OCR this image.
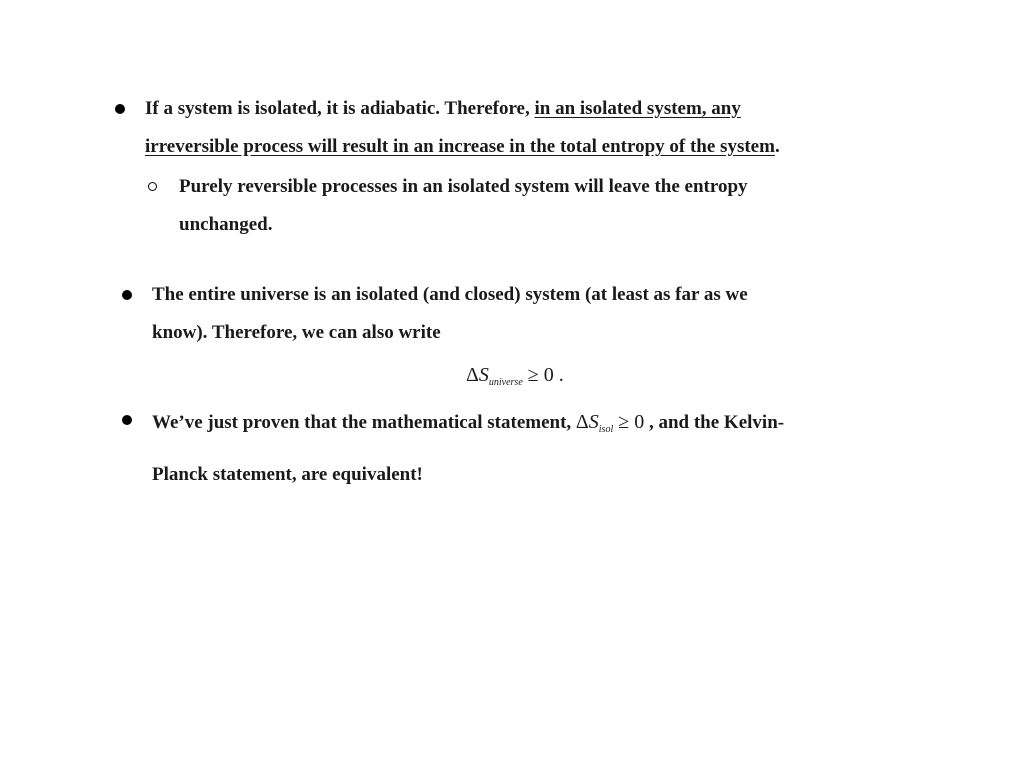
If a system is isolated, it is adiabatic. Therefore, in an isolated system, any
irreversible process will result in an increase in the total entropy of the system.
Purely reversible processes in an isolated system will leave the entropy
unchanged.
The entire universe is an isolated (and closed) system (at least as far as we
know). Therefore, we can also write
$\Delta S_{universe} \ge 0$ .
We’ve just proven that the mathematical statement, $\Delta S_{isol} \ge 0$ , and the Kelvin-
Planck statement, are equivalent!
